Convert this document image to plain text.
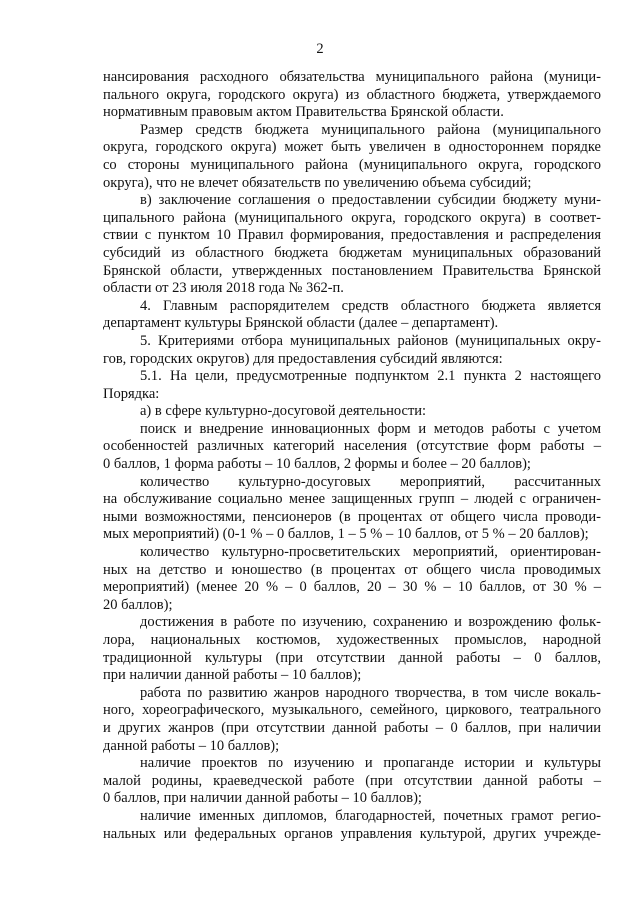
2
нансирования расходного обязательства муниципального района (муници-
пального округа, городского округа) из областного бюджета, утверждаемого
нормативным правовым актом Правительства Брянской области.
Размер средств бюджета муниципального района (муниципального
округа, городского округа) может быть увеличен в одностороннем порядке
со стороны муниципального района (муниципального округа, городского
округа), что не влечет обязательств по увеличению объема субсидий;
в) заключение соглашения о предоставлении субсидии бюджету муни-
ципального района (муниципального округа, городского округа) в соответ-
ствии с пунктом 10 Правил формирования, предоставления и распределения
субсидий из областного бюджета бюджетам муниципальных образований
Брянской области, утвержденных постановлением Правительства Брянской
области от 23 июля 2018 года № 362-п.
4. Главным распорядителем средств областного бюджета является
департамент культуры Брянской области (далее – департамент).
5. Критериями отбора муниципальных районов (муниципальных окру-
гов, городских округов) для предоставления субсидий являются:
5.1. На цели, предусмотренные подпунктом 2.1 пункта 2 настоящего
Порядка:
а) в сфере культурно-досуговой деятельности:
поиск и внедрение инновационных форм и методов работы с учетом
особенностей различных категорий населения (отсутствие форм работы –
0 баллов, 1 форма работы – 10 баллов, 2 формы и более – 20 баллов);
количество культурно-досуговых мероприятий, рассчитанных
на обслуживание социально менее защищенных групп – людей с ограничен-
ными возможностями, пенсионеров (в процентах от общего числа проводи-
мых мероприятий) (0-1 % – 0 баллов, 1 – 5 % – 10 баллов, от 5 % – 20 баллов);
количество культурно-просветительских мероприятий, ориентирован-
ных на детство и юношество (в процентах от общего числа проводимых
мероприятий) (менее 20 % – 0 баллов, 20 – 30 % – 10 баллов, от 30 % –
20 баллов);
достижения в работе по изучению, сохранению и возрождению фольк-
лора, национальных костюмов, художественных промыслов, народной
традиционной культуры (при отсутствии данной работы – 0 баллов,
при наличии данной работы – 10 баллов);
работа по развитию жанров народного творчества, в том числе вокаль-
ного, хореографического, музыкального, семейного, циркового, театрального
и других жанров (при отсутствии данной работы – 0 баллов, при наличии
данной работы – 10 баллов);
наличие проектов по изучению и пропаганде истории и культуры
малой родины, краеведческой работе (при отсутствии данной работы –
0 баллов, при наличии данной работы – 10 баллов);
наличие именных дипломов, благодарностей, почетных грамот регио-
нальных или федеральных органов управления культурой, других учрежде-
